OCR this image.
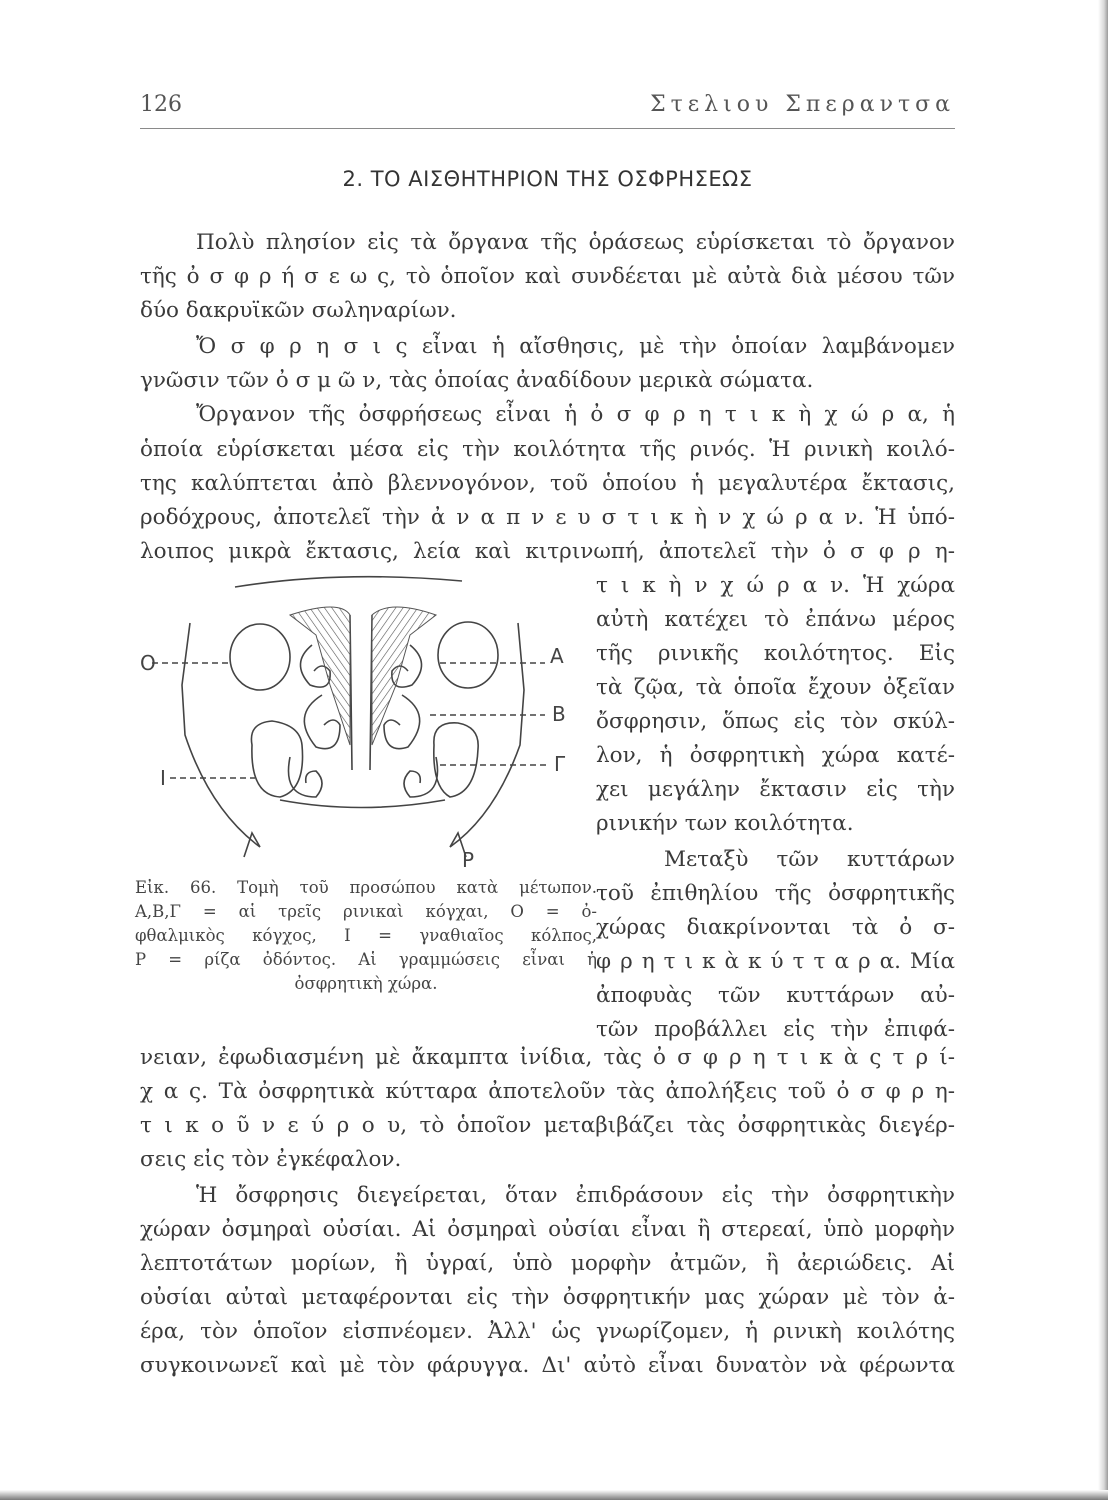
126	Στελιου Σπεραντσα
2. ΤΟ ΑΙΣΘΗΤΗΡΙΟΝ ΤΗΣ ΟΣΦΡΗΣΕΩΣ
Πολὺ πλησίον εἰς τὰ ὄργανα τῆς ὁράσεως εὑρίσκεται τὸ ὄργανον
τῆς ὀ σ φ ρ ή σ ε ω ς, τὸ ὁποῖον καὶ συνδέεται μὲ αὐτὰ διὰ μέσου τῶν
δύο δακρυϊκῶν σωληναρίων.
Ὄ σ φ ρ η σ ι ς εἶναι ἡ αἴσθησις, μὲ τὴν ὁποίαν λαμβάνομεν
γνῶσιν τῶν ὀ σ μ ῶ ν, τὰς ὁποίας ἀναδίδουν μερικὰ σώματα.
Ὄργανον τῆς ὀσφρήσεως εἶναι ἡ ὀ σ φ ρ η τ ι κ ὴ χ ώ ρ α, ἡ
ὁποία εὑρίσκεται μέσα εἰς τὴν κοιλότητα τῆς ρινός. Ἡ ρινικὴ κοιλό-
της καλύπτεται ἀπὸ βλεννογόνον, τοῦ ὁποίου ἡ μεγαλυτέρα ἔκτασις,
ροδόχρους, ἀποτελεῖ τὴν ἀ ν α π ν ε υ σ τ ι κ ὴ ν χ ώ ρ α ν. Ἡ ὑπό-
λοιπος μικρὰ ἔκτασις, λεία καὶ κιτρινωπή, ἀποτελεῖ τὴν ὀ σ φ ρ η-
τ ι κ ὴ ν χ ώ ρ α ν. Ἡ χώρα
αὐτὴ κατέχει τὸ ἐπάνω μέρος
τῆς ρινικῆς κοιλότητος. Εἰς
τὰ ζῷα, τὰ ὁποῖα ἔχουν ὀξεῖαν
ὄσφρησιν, ὅπως εἰς τὸν σκύλ-
λον, ἡ ὀσφρητικὴ χώρα κατέ-
χει μεγάλην ἔκτασιν εἰς τὴν
ρινικήν των κοιλότητα.
Μεταξὺ τῶν κυττάρων
τοῦ ἐπιθηλίου τῆς ὀσφρητικῆς
χώρας διακρίνονται τὰ ὀ σ-
φ ρ η τ ι κ ὰ κ ύ τ τ α ρ α. Μία
ἀποφυὰς τῶν κυττάρων αὐ-
τῶν προβάλλει εἰς τὴν ἐπιφά-
O	A
B
Γ
I
P
Εἰκ. 66. Τομὴ τοῦ προσώπου κατὰ μέτωπον.
Α,Β,Γ = αἱ τρεῖς ρινικαὶ κόγχαι, Ο = ὀ-
φθαλμικὸς κόγχος, Ι = γναθιαῖος κόλπος,
Ρ = ρίζα ὀδόντος. Αἱ γραμμώσεις εἶναι ἡ
ὀσφρητικὴ χώρα.
νειαν, ἐφωδιασμένη μὲ ἄκαμπτα ἰνίδια, τὰς ὀ σ φ ρ η τ ι κ ὰ ς τ ρ ί-
χ α ς. Τὰ ὀσφρητικὰ κύτταρα ἀποτελοῦν τὰς ἀπολήξεις τοῦ ὀ σ φ ρ η-
τ ι κ ο ῦ ν ε ύ ρ ο υ, τὸ ὁποῖον μεταβιβάζει τὰς ὀσφρητικὰς διεγέρ-
σεις εἰς τὸν ἐγκέφαλον.
Ἡ ὄσφρησις διεγείρεται, ὅταν ἐπιδράσουν εἰς τὴν ὀσφρητικὴν
χώραν ὀσμηραὶ οὐσίαι. Αἱ ὀσμηραὶ οὐσίαι εἶναι ἢ στερεαί, ὑπὸ μορφὴν
λεπτοτάτων μορίων, ἢ ὑγραί, ὑπὸ μορφὴν ἀτμῶν, ἢ ἀεριώδεις. Αἱ
οὐσίαι αὐταὶ μεταφέρονται εἰς τὴν ὀσφρητικήν μας χώραν μὲ τὸν ἀ-
έρα, τὸν ὁποῖον εἰσπνέομεν. Ἀλλ' ὡς γνωρίζομεν, ἡ ρινικὴ κοιλότης
συγκοινωνεῖ καὶ μὲ τὸν φάρυγγα. Δι' αὐτὸ εἶναι δυνατὸν νὰ φέρωντα
